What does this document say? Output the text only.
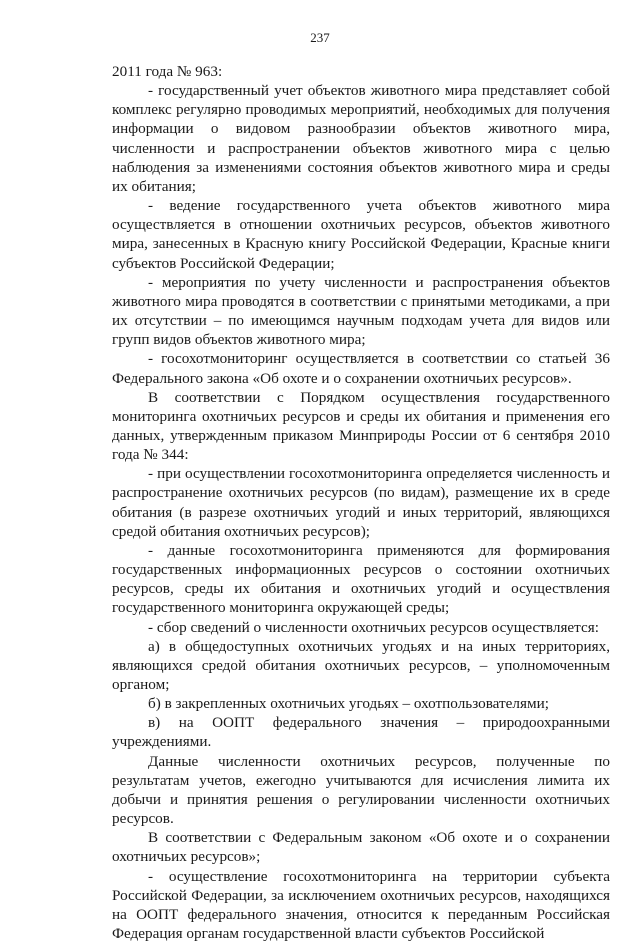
237

2011 года № 963:

- государственный учет объектов животного мира представляет собой комплекс регулярно проводимых мероприятий, необходимых для получения информации о видовом разнообразии объектов животного мира, численности и распространении объектов животного мира с целью наблюдения за изменениями состояния объектов животного мира и среды их обитания;

- ведение государственного учета объектов животного мира осуществляется в отношении охотничьих ресурсов, объектов животного мира, занесенных в Красную книгу Российской Федерации, Красные книги субъектов Российской Федерации;

- мероприятия по учету численности и распространения объектов животного мира проводятся в соответствии с принятыми методиками, а при их отсутствии – по имеющимся научным подходам учета для видов или групп видов объектов животного мира;

- госохотмониторинг осуществляется в соответствии со статьей 36 Федерального закона «Об охоте и о сохранении охотничьих ресурсов».

В соответствии с Порядком осуществления государственного мониторинга охотничьих ресурсов и среды их обитания и применения его данных, утвержденным приказом Минприроды России от 6 сентября 2010 года № 344:

- при осуществлении госохотмониторинга определяется численность и распространение охотничьих ресурсов (по видам), размещение их в среде обитания (в разрезе охотничьих угодий и иных территорий, являющихся средой обитания охотничьих ресурсов);

- данные госохотмониторинга применяются для формирования государственных информационных ресурсов о состоянии охотничьих ресурсов, среды их обитания и охотничьих угодий и осуществления государственного мониторинга окружающей среды;

- сбор сведений о численности охотничьих ресурсов осуществляется:

а) в общедоступных охотничьих угодьях и на иных территориях, являющихся средой обитания охотничьих ресурсов, – уполномоченным органом;

б) в закрепленных охотничьих угодьях – охотпользователями;

в) на ООПТ федерального значения – природоохранными учреждениями.

Данные численности охотничьих ресурсов, полученные по результатам учетов, ежегодно учитываются для исчисления лимита их добычи и принятия решения о регулировании численности охотничьих ресурсов.

В соответствии с Федеральным законом «Об охоте и о сохранении охотничьих ресурсов»;

- осуществление госохотмониторинга на территории субъекта Российской Федерации, за исключением охотничьих ресурсов, находящихся на ООПТ федерального значения, относится к переданным Российская Федерация органам государственной власти субъектов Российской
